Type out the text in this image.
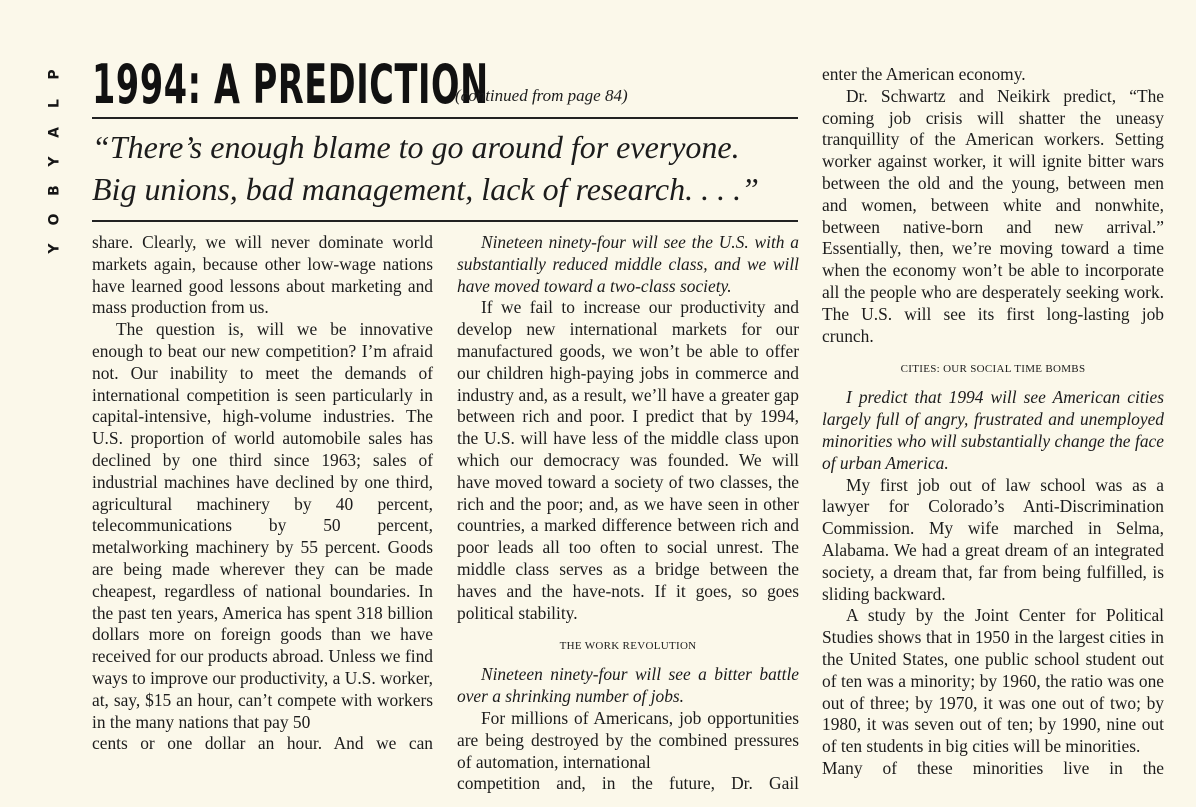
P
L
A
Y
B
O
Y
1994: A PREDICTION
(continued from page 84)

“There’s enough blame to go around for everyone. Big unions, bad management, lack of research. . . .”

share. Clearly, we will never dominate world markets again, because other low-wage nations have learned good lessons about marketing and mass production from us.

The question is, will we be innovative enough to beat our new competition? I’m afraid not. Our inability to meet the demands of international competition is seen particularly in capital-intensive, high-volume industries. The U.S. proportion of world automobile sales has declined by one third since 1963; sales of industrial machines have declined by one third, agricultural machinery by 40 percent, telecommunications by 50 percent, metalworking machinery by 55 percent. Goods are being made wherever they can be made cheapest, regardless of national boundaries. In the past ten years, America has spent 318 billion dollars more on foreign goods than we have received for our products abroad. Unless we find ways to improve our productivity, a U.S. worker, at, say, $15 an hour, can’t compete with workers in the many nations that pay 50

cents or one dollar an hour. And we can

Nineteen ninety-four will see the U.S. with a substantially reduced middle class, and we will have moved toward a two-class society.

If we fail to increase our productivity and develop new international markets for our manufactured goods, we won’t be able to offer our children high-paying jobs in commerce and industry and, as a result, we’ll have a greater gap between rich and poor. I predict that by 1994, the U.S. will have less of the middle class upon which our democracy was founded. We will have moved toward a society of two classes, the rich and the poor; and, as we have seen in other countries, a marked difference between rich and poor leads all too often to social unrest. The middle class serves as a bridge between the haves and the have-nots. If it goes, so goes political stability.

THE WORK REVOLUTION

Nineteen ninety-four will see a bitter battle over a shrinking number of jobs.

For millions of Americans, job opportunities are being destroyed by the combined pressures of automation, international

competition and, in the future, Dr. Gail

enter the American economy.

Dr. Schwartz and Neikirk predict, “The coming job crisis will shatter the uneasy tranquillity of the American workers. Setting worker against worker, it will ignite bitter wars between the old and the young, between men and women, between white and nonwhite, between native-born and new arrival.” Essentially, then, we’re moving toward a time when the economy won’t be able to incorporate all the people who are desperately seeking work. The U.S. will see its first long-lasting job crunch.

CITIES: OUR SOCIAL TIME BOMBS

I predict that 1994 will see American cities largely full of angry, frustrated and unemployed minorities who will substantially change the face of urban America.

My first job out of law school was as a lawyer for Colorado’s Anti-Discrimination Commission. My wife marched in Selma, Alabama. We had a great dream of an integrated society, a dream that, far from being fulfilled, is sliding backward.

A study by the Joint Center for Political Studies shows that in 1950 in the largest cities in the United States, one public school student out of ten was a minority; by 1960, the ratio was one out of three; by 1970, it was one out of two; by 1980, it was seven out of ten; by 1990, nine out of ten students in big cities will be minorities.

Many of these minorities live in the
